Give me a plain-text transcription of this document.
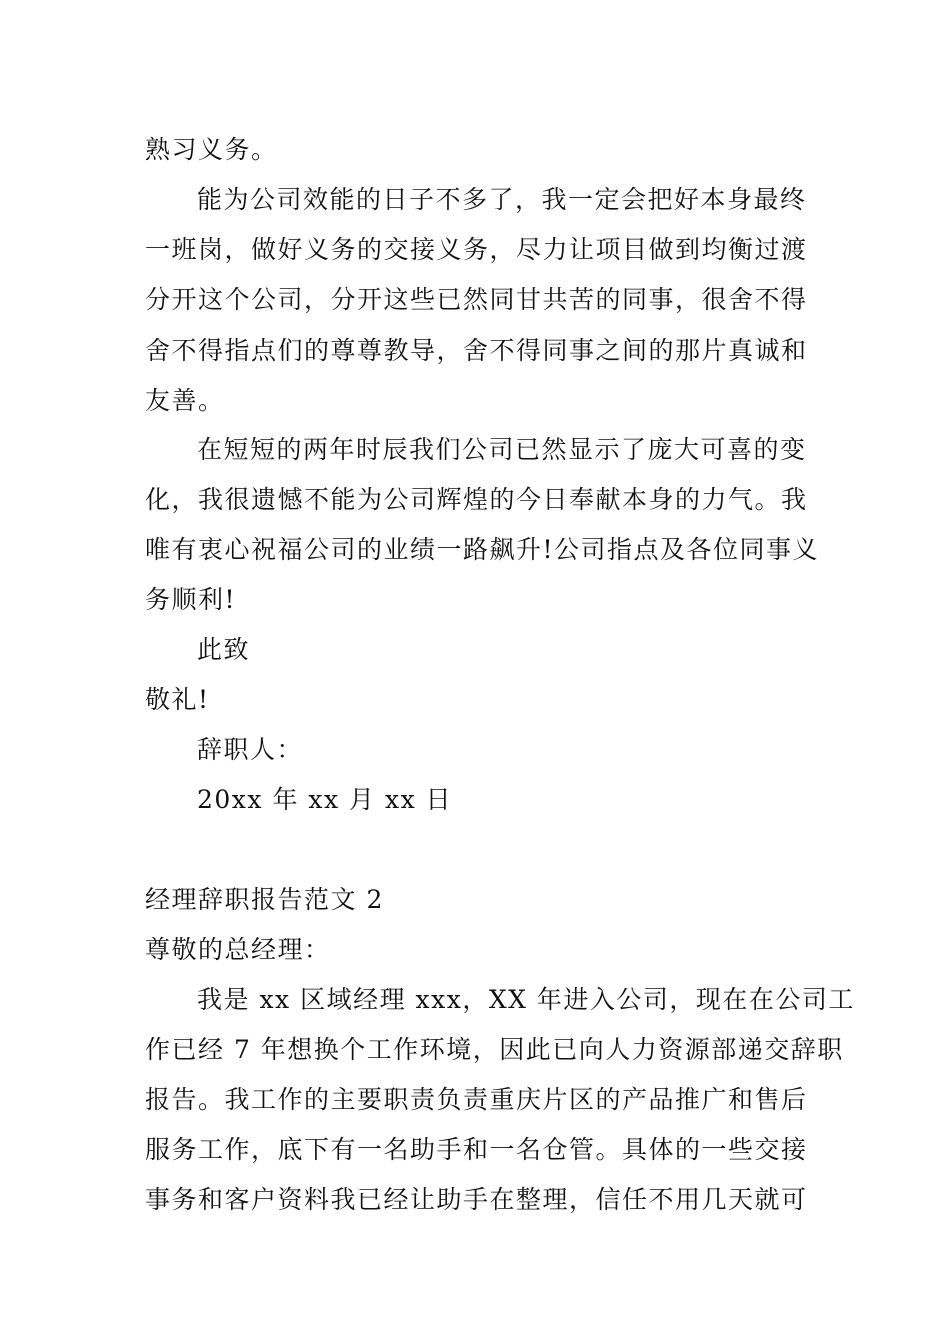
熟习义务。
能为公司效能的日子不多了，我一定会把好本身最终
一班岗，做好义务的交接义务，尽力让项目做到均衡过渡
分开这个公司，分开这些已然同甘共苦的同事，很舍不得
舍不得指点们的尊尊教导，舍不得同事之间的那片真诚和
友善。
在短短的两年时辰我们公司已然显示了庞大可喜的变
化，我很遗憾不能为公司辉煌的今日奉献本身的力气。我
唯有衷心祝福公司的业绩一路飙升!公司指点及各位同事义
务顺利!
此致
敬礼!
辞职人：
20xx 年 xx 月 xx 日
经理辞职报告范文 2
尊敬的总经理：
我是 xx 区域经理 xxx，XX 年进入公司，现在在公司工
作已经 7 年想换个工作环境，因此已向人力资源部递交辞职
报告。我工作的主要职责负责重庆片区的产品推广和售后
服务工作，底下有一名助手和一名仓管。具体的一些交接
事务和客户资料我已经让助手在整理，信任不用几天就可
